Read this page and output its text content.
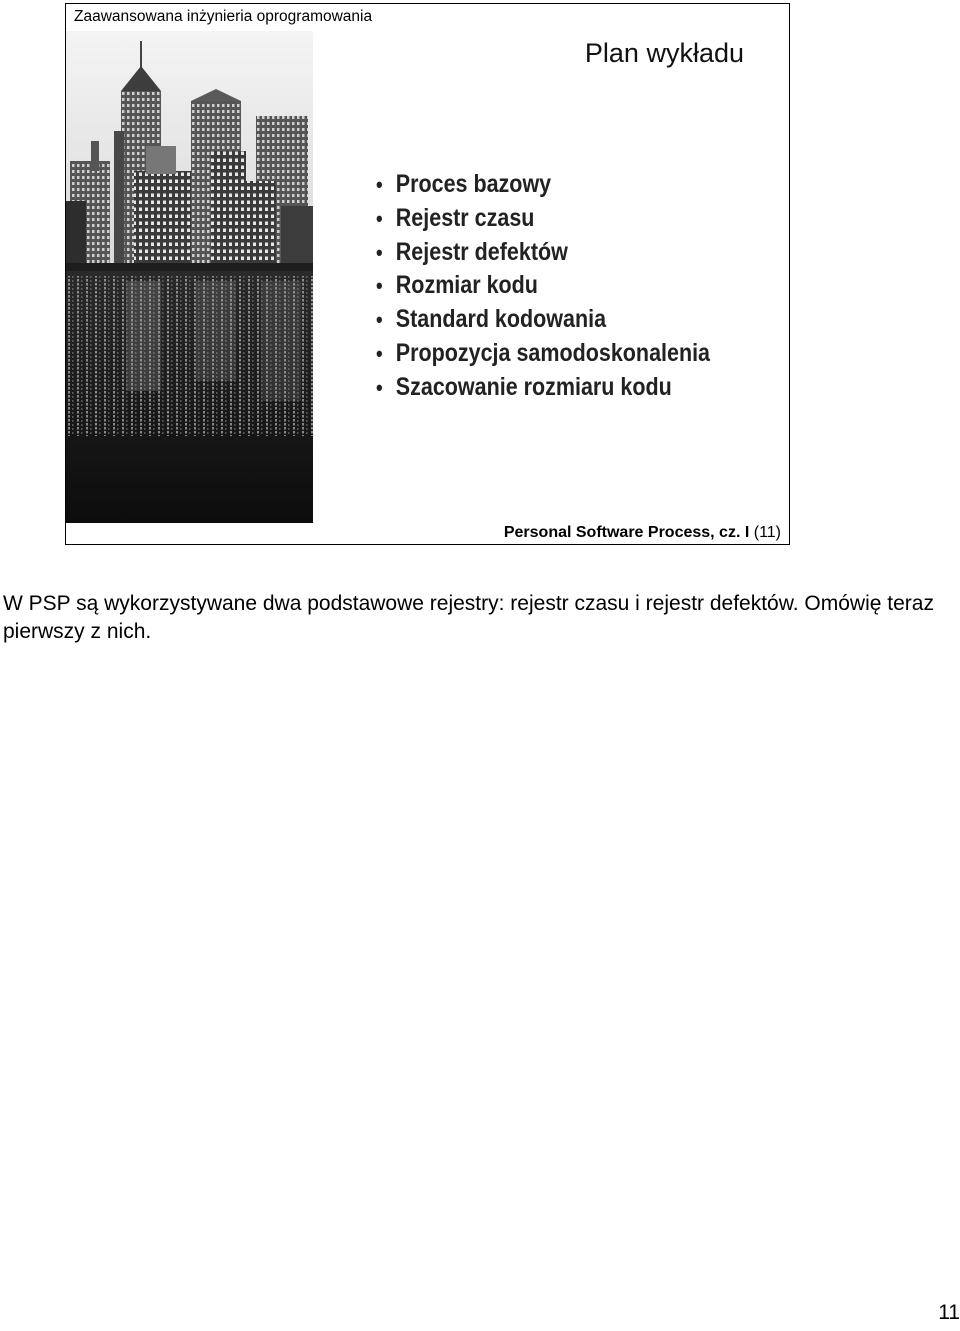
Zaawansowana inżynieria oprogramowania
Plan wykładu
• Proces bazowy
• Rejestr czasu
• Rejestr defektów
• Rozmiar kodu
• Standard kodowania
• Propozycja samodoskonalenia
• Szacowanie rozmiaru kodu
Personal Software Process, cz. I (11)
W PSP są wykorzystywane dwa podstawowe rejestry: rejestr czasu i rejestr defektów. Omówię teraz pierwszy z nich.
11
